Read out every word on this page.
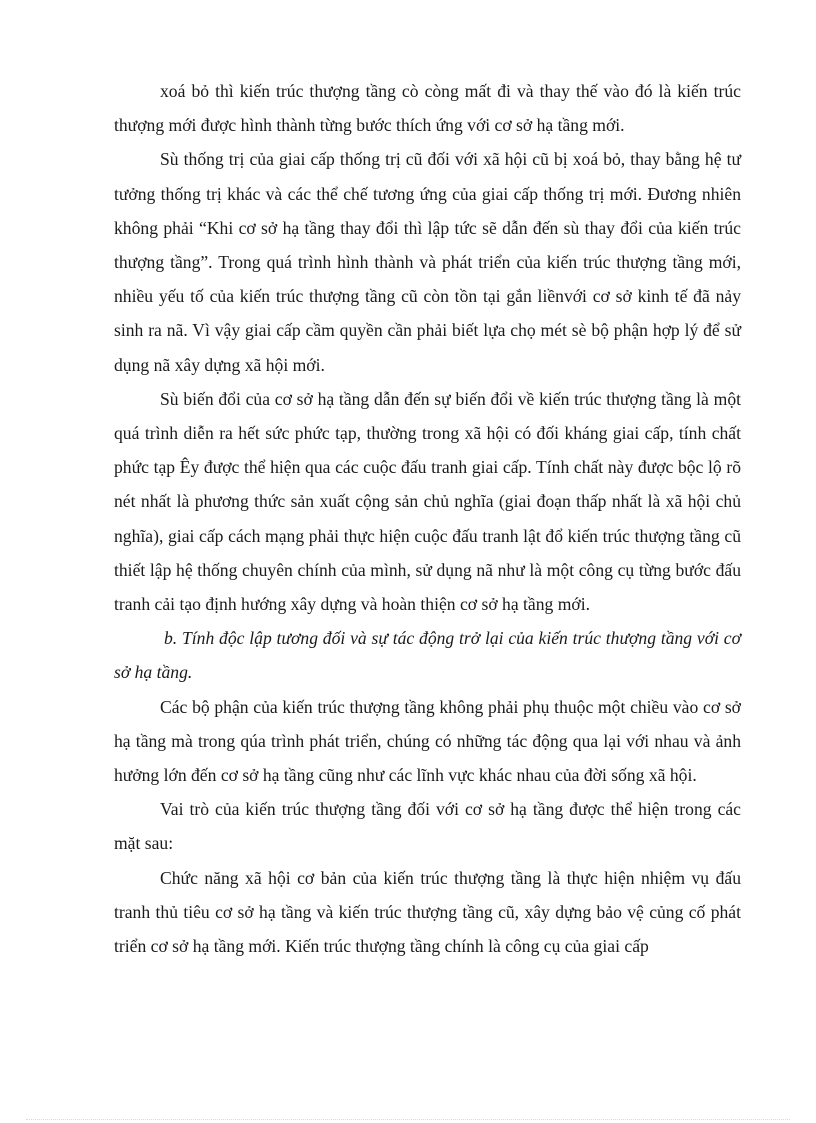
xoá bỏ thì kiến trúc thượng tầng cò còng mất đi và thay thế vào đó là kiến trúc thượng mới được hình thành từng bước thích ứng với cơ sở hạ tầng mới.

Sù thống trị của giai cấp thống trị cũ đối với xã hội cũ bị xoá bỏ, thay bằng hệ tư tưởng thống trị khác và các thể chế tương ứng của giai cấp thống trị mới. Đương nhiên không phải “Khi cơ sở hạ tầng thay đổi thì lập tức sẽ dẫn đến sù thay đổi của kiến trúc thượng tầng”. Trong quá trình hình thành và phát triển của kiến trúc thượng tầng mới, nhiều yếu tố của kiến trúc thượng tầng cũ còn tồn tại gắn liềnvới cơ sở kinh tế đã nảy sinh ra nã. Vì vậy giai cấp cầm quyền cần phải biết lựa chọ mét sè bộ phận hợp lý để sử dụng nã xây dựng xã hội mới.

Sù biến đổi của cơ sở hạ tầng dẫn đến sự biến đổi về kiến trúc thượng tầng là một quá trình diễn ra hết sức phức tạp, thường trong xã hội có đối kháng giai cấp, tính chất phức tạp Êy được thể hiện qua các cuộc đấu tranh giai cấp. Tính chất này được bộc lộ rõ nét nhất là phương thức sản xuất cộng sản chủ nghĩa (giai đoạn thấp nhất là xã hội chủ nghĩa), giai cấp cách mạng phải thực hiện cuộc đấu tranh lật đổ kiến trúc thượng tầng cũ thiết lập hệ thống chuyên chính của mình, sử dụng nã như là một công cụ từng bước đấu tranh cải tạo định hướng xây dựng và hoàn thiện cơ sở hạ tầng mới.

b. Tính độc lập tương đối và sự tác động trở lại của kiến trúc thượng tầng với cơ sở hạ tầng.

Các bộ phận của kiến trúc thượng tầng không phải phụ thuộc một chiều vào cơ sở hạ tầng mà trong qúa trình phát triển, chúng có những tác động qua lại với nhau và ảnh hưởng lớn đến cơ sở hạ tầng cũng như các lĩnh vực khác nhau của đời sống xã hội.

Vai trò của kiến trúc thượng tầng đối với cơ sở hạ tầng được thể hiện trong các mặt sau:

Chức năng xã hội cơ bản của kiến trúc thượng tầng là thực hiện nhiệm vụ đấu tranh thủ tiêu cơ sở hạ tầng và kiến trúc thượng tầng cũ, xây dựng bảo vệ củng cố phát triển cơ sở hạ tầng mới. Kiến trúc thượng tầng chính là công cụ của giai cấp
